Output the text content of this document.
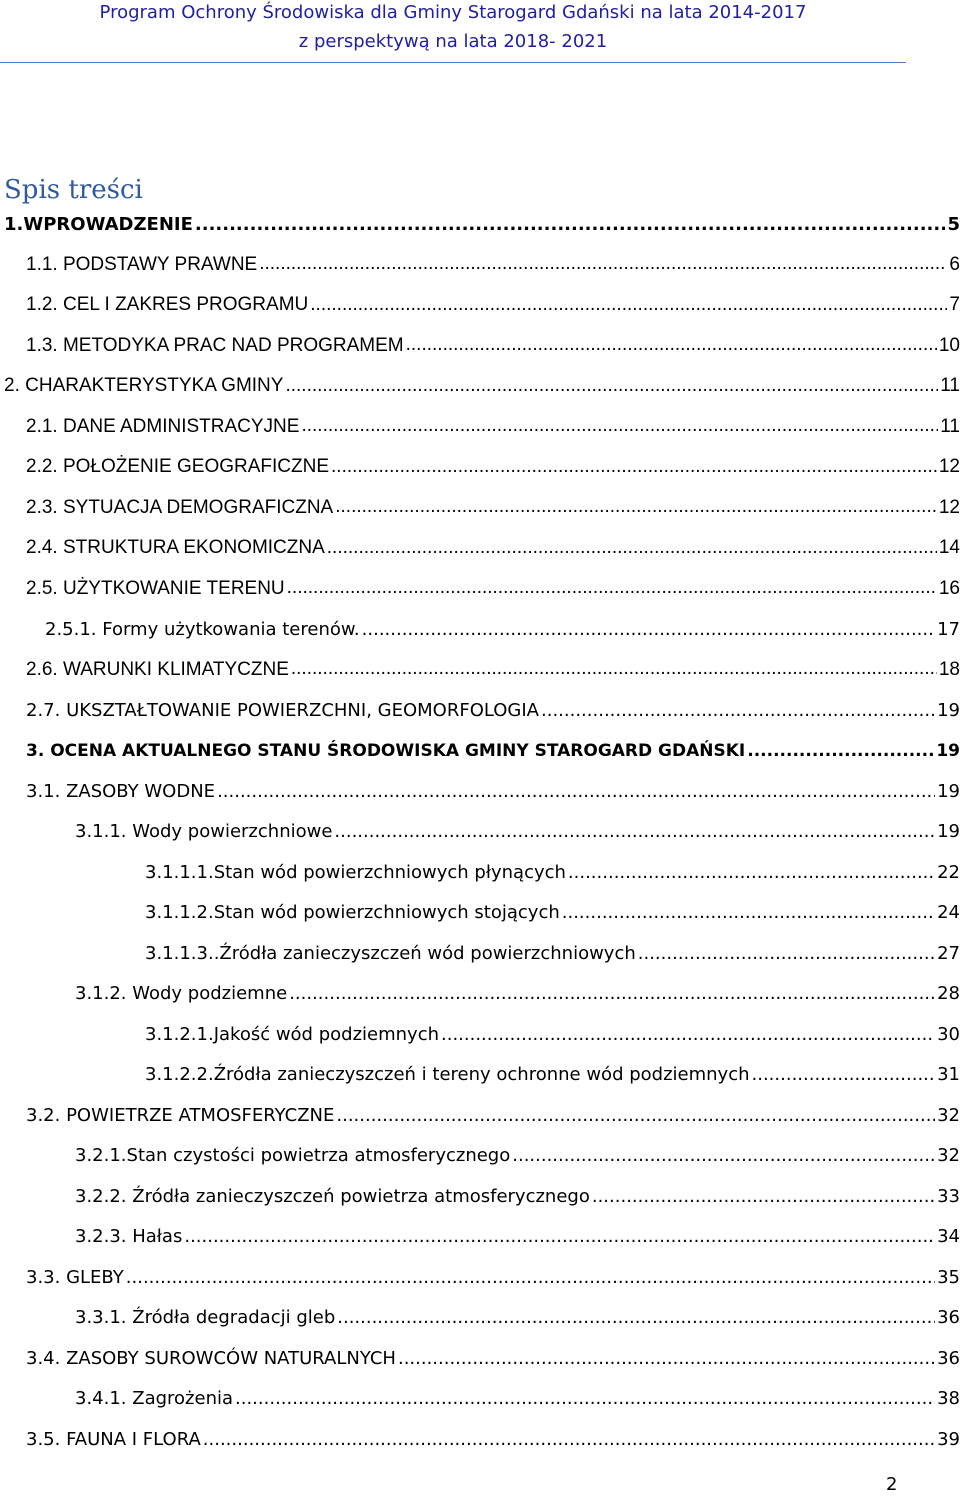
Program Ochrony Środowiska dla Gminy Starogard Gdański na lata 2014-2017
z perspektywą na lata 2018- 2021
Spis treści
1.WPROWADZENIE .....	5
1.1. PODSTAWY PRAWNE .....	6
1.2. CEL I ZAKRES PROGRAMU .....	7
1.3. METODYKA PRAC NAD PROGRAMEM .....	10
2. CHARAKTERYSTYKA GMINY .....	11
2.1. DANE ADMINISTRACYJNE .....	11
2.2. POŁOŻENIE GEOGRAFICZNE .....	12
2.3. SYTUACJA DEMOGRAFICZNA .....	12
2.4. STRUKTURA EKONOMICZNA .....	14
2.5. UŻYTKOWANIE TERENU .....	16
2.5.1. Formy użytkowania terenów. .....	17
2.6. WARUNKI KLIMATYCZNE .....	18
2.7. UKSZTAŁTOWANIE POWIERZCHNI, GEOMORFOLOGIA .....	19
3. OCENA AKTUALNEGO STANU ŚRODOWISKA GMINY STAROGARD GDAŃSKI .....	19
3.1. ZASOBY WODNE .....	19
3.1.1. Wody powierzchniowe .....	19
3.1.1.1.Stan wód powierzchniowych płynących .....	22
3.1.1.2.Stan wód powierzchniowych stojących .....	24
3.1.1.3..Źródła zanieczyszczeń wód powierzchniowych .....	27
3.1.2. Wody podziemne .....	28
3.1.2.1.Jakość wód podziemnych .....	30
3.1.2.2.Źródła zanieczyszczeń i tereny ochronne wód podziemnych .....	31
3.2. POWIETRZE ATMOSFERYCZNE .....	32
3.2.1.Stan czystości powietrza atmosferycznego .....	32
3.2.2. Źródła zanieczyszczeń powietrza atmosferycznego .....	33
3.2.3. Hałas .....	34
3.3. GLEBY .....	35
3.3.1. Źródła degradacji gleb .....	36
3.4. ZASOBY SUROWCÓW NATURALNYCH .....	36
3.4.1. Zagrożenia .....	38
3.5. FAUNA I FLORA .....	39
2
